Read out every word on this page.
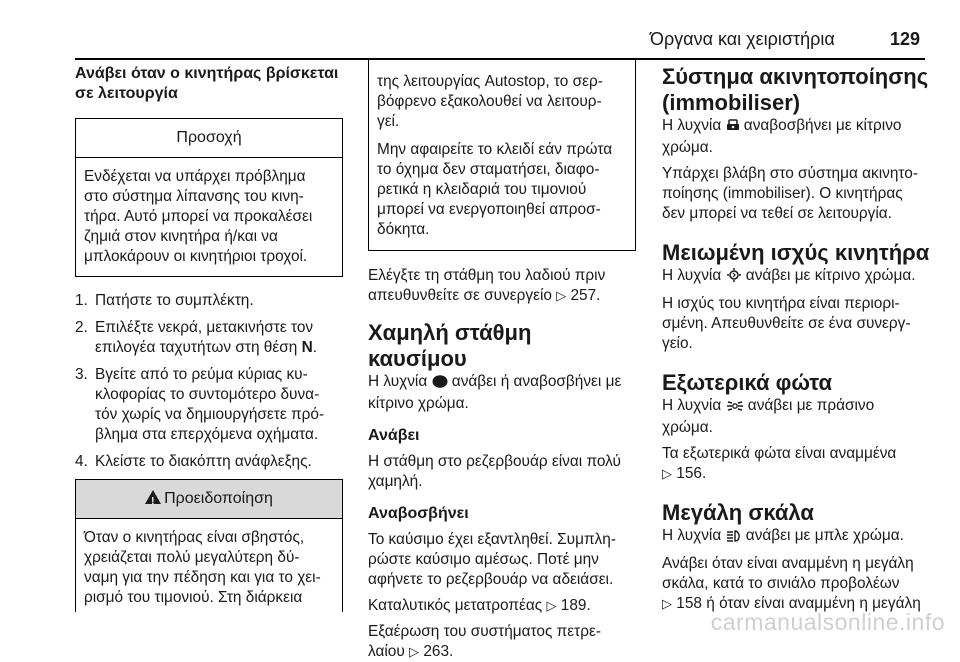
Όργανα και χειριστήρια	129
Ανάβει όταν ο κινητήρας βρίσκεται
σε λειτουργία
Προσοχή

Ενδέχεται να υπάρχει πρόβλημα

στο σύστημα λίπανσης του κινη-

τήρα. Αυτό μπορεί να προκαλέσει

ζημιά στον κινητήρα ή/και να

μπλοκάρουν οι κινητήριοι τροχοί.

1. Πατήστε το συμπλέκτη.
2. Επιλέξτε νεκρά, μετακινήστε τον
επιλογέα ταχυτήτων στη θέση N.
3. Βγείτε από το ρεύμα κύριας κυ-
κλοφορίας το συντομότερο δυνα-
τόν χωρίς να δημιουργήσετε πρό-
βλημα στα επερχόμενα οχήματα.
4. Κλείστε το διακόπτη ανάφλεξης.
!Προειδοποίηση

Όταν ο κινητήρας είναι σβηστός,

χρειάζεται πολύ μεγαλύτερη δύ-

ναμη για την πέδηση και για το χει-

ρισμό του τιμονιού. Στη διάρκεια

της λειτουργίας Autostop, το σερ-

βόφρενο εξακολουθεί να λειτουρ-

γεί.

Μην αφαιρείτε το κλειδί εάν πρώτα

το όχημα δεν σταματήσει, διαφο-

ρετικά η κλειδαριά του τιμονιού

μπορεί να ενεργοποιηθεί απροσ-

δόκητα.

Ελέγξτε τη στάθμη του λαδιού πριν

απευθυνθείτε σε συνεργείο ▷ 257.

Χαμηλή στάθμη καυσίμου

Η λυχνία  ανάβει ή αναβοσβήνει με

κίτρινο χρώμα.

Ανάβει

Η στάθμη στο ρεζερβουάρ είναι πολύ

χαμηλή.

Αναβοσβήνει

Το καύσιμο έχει εξαντληθεί. Συμπλη-

ρώστε καύσιμο αμέσως. Ποτέ μην

αφήνετε το ρεζερβουάρ να αδειάσει.

Καταλυτικός μετατροπέας ▷ 189.

Εξαέρωση του συστήματος πετρε-

λαίου ▷ 263.

Σύστημα ακινητοποίησης
(immobiliser)

Η λυχνία  αναβοσβήνει με κίτρινο

χρώμα.

Υπάρχει βλάβη στο σύστημα ακινητο-

ποίησης (immobiliser). Ο κινητήρας

δεν μπορεί να τεθεί σε λειτουργία.

Μειωμένη ισχύς κινητήρα

Η λυχνία  ανάβει με κίτρινο χρώμα.

Η ισχύς του κινητήρα είναι περιορι-

σμένη. Απευθυνθείτε σε ένα συνεργ-

γείο.

Εξωτερικά φώτα

Η λυχνία  ανάβει με πράσινο

χρώμα.

Τα εξωτερικά φώτα είναι αναμμένα

▷ 156.

Μεγάλη σκάλα

Η λυχνία  ανάβει με μπλε χρώμα.

Ανάβει όταν είναι αναμμένη η μεγάλη

σκάλα, κατά το σινιάλο προβολέων

▷ 158 ή όταν είναι αναμμένη η μεγάλη

carmanualsonline.info
